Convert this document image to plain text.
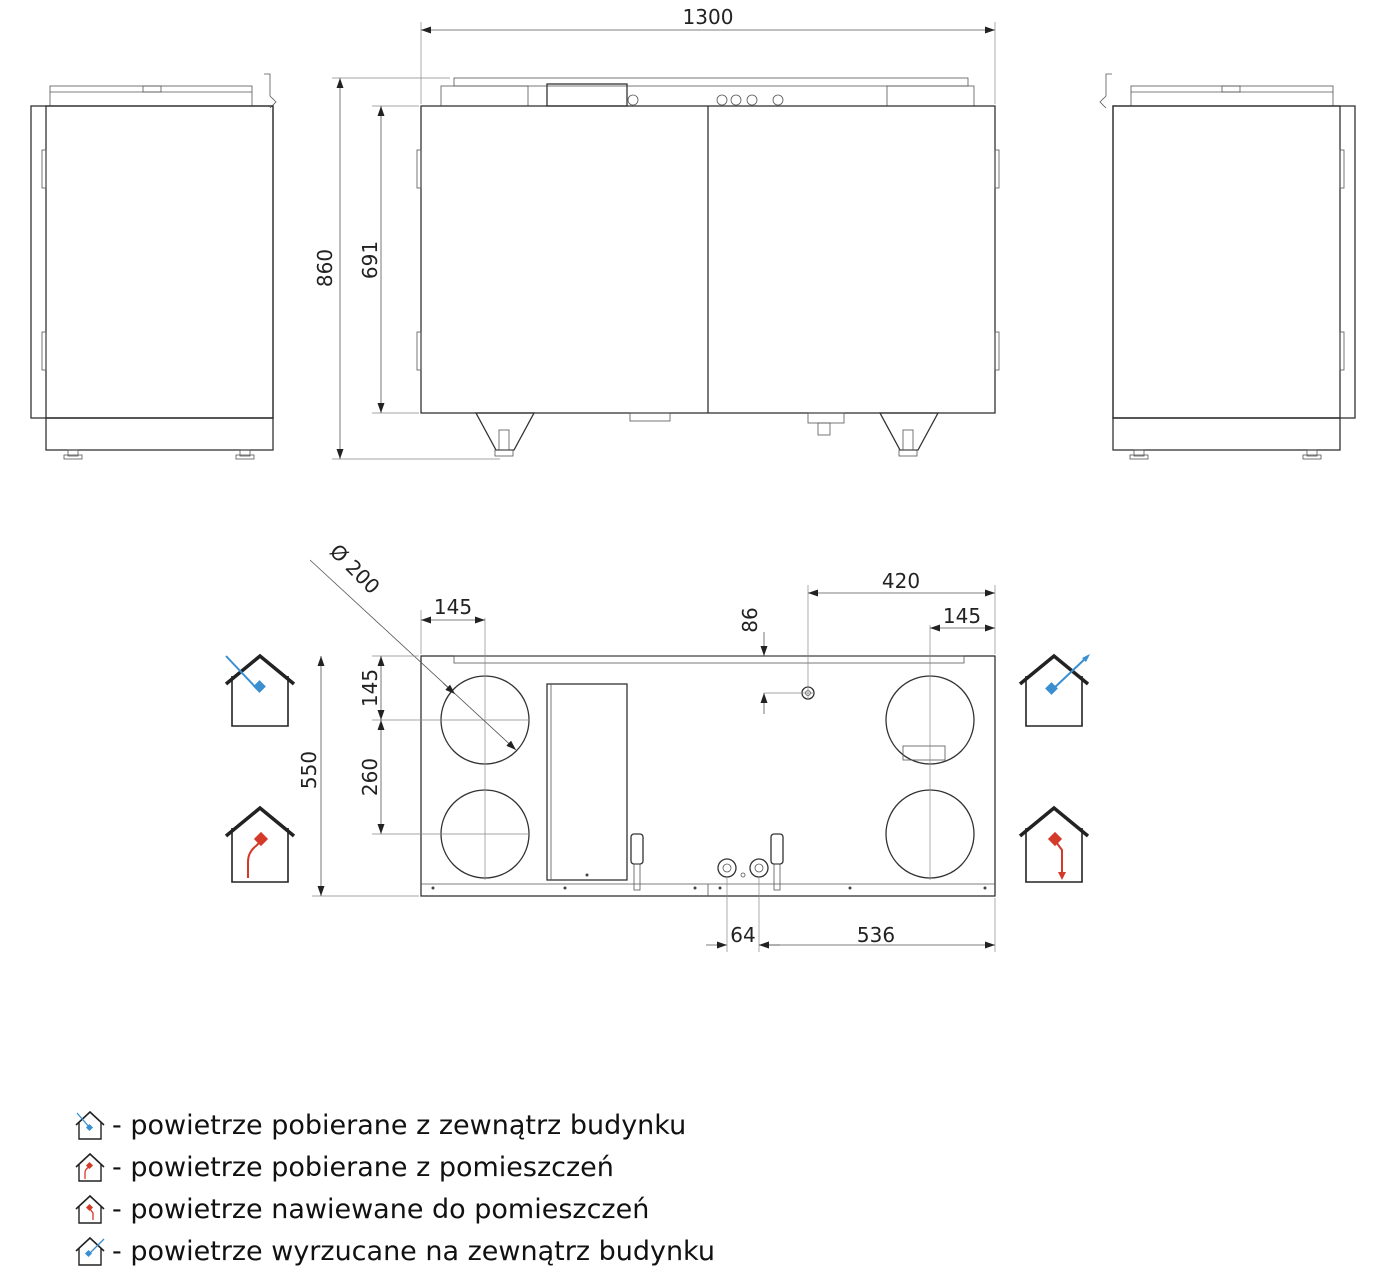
1300
860 691
Ø 200
145
420
145
86
145
260
550
64	536
- powietrze pobierane z zewnątrz budynku
- powietrze pobierane z pomieszczeń
- powietrze nawiewane do pomieszczeń
- powietrze wyrzucane na zewnątrz budynku
